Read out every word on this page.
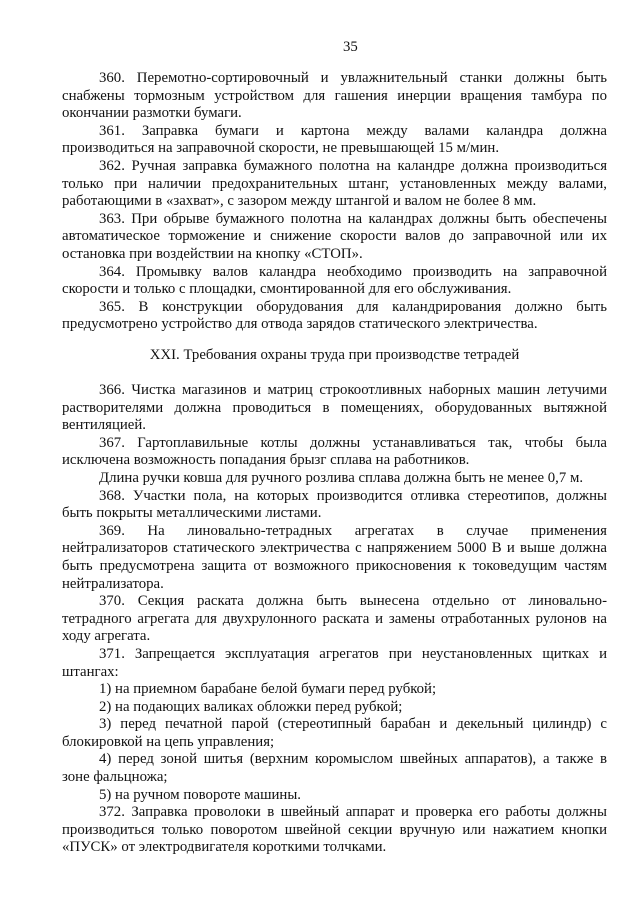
35
360. Перемотно-сортировочный и увлажнительный станки должны быть
снабжены тормозным устройством для гашения инерции вращения тамбура по
окончании размотки бумаги.
361. Заправка бумаги и картона между валами каландра должна
производиться на заправочной скорости, не превышающей 15 м/мин.
362. Ручная заправка бумажного полотна на каландре должна производиться
только при наличии предохранительных штанг, установленных между валами,
работающими в «захват», с зазором между штангой и валом не более 8 мм.
363. При обрыве бумажного полотна на каландрах должны быть обеспечены
автоматическое торможение и снижение скорости валов до заправочной или их
остановка при воздействии на кнопку «СТОП».
364. Промывку валов каландра необходимо производить на заправочной
скорости и только с площадки, смонтированной для его обслуживания.
365. В конструкции оборудования для каландрирования должно быть
предусмотрено устройство для отвода зарядов статического электричества.
XXI. Требования охраны труда при производстве тетрадей
366. Чистка магазинов и матриц строкоотливных наборных машин летучими
растворителями должна проводиться в помещениях, оборудованных вытяжной
вентиляцией.
367. Гартоплавильные котлы должны устанавливаться так, чтобы была
исключена возможность попадания брызг сплава на работников.
Длина ручки ковша для ручного розлива сплава должна быть не менее 0,7 м.
368. Участки пола, на которых производится отливка стереотипов, должны
быть покрыты металлическими листами.
369. На линовально-тетрадных агрегатах в случае применения
нейтрализаторов статического электричества с напряжением 5000 В и выше должна
быть предусмотрена защита от возможного прикосновения к токоведущим частям
нейтрализатора.
370. Секция раската должна быть вынесена отдельно от линовально-
тетрадного агрегата для двухрулонного раската и замены отработанных рулонов на
ходу агрегата.
371. Запрещается эксплуатация агрегатов при неустановленных щитках и
штангах:
1) на приемном барабане белой бумаги перед рубкой;
2) на подающих валиках обложки перед рубкой;
3) перед печатной парой (стереотипный барабан и декельный цилиндр) с
блокировкой на цепь управления;
4) перед зоной шитья (верхним коромыслом швейных аппаратов), а также в
зоне фальцножа;
5) на ручном повороте машины.
372. Заправка проволоки в швейный аппарат и проверка его работы должны
производиться только поворотом швейной секции вручную или нажатием кнопки
«ПУСК» от электродвигателя короткими толчками.
